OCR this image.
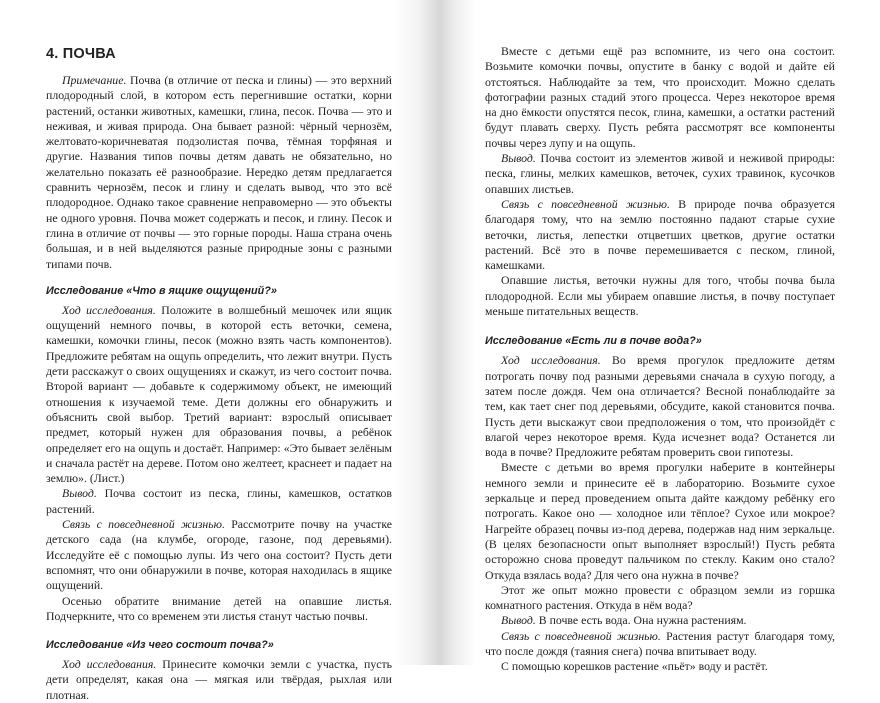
4. ПОЧВА

Примечание. Почва (в отличие от песка и глины) — это верхний плодородный слой, в котором есть перегнившие остатки, корни растений, останки животных, камешки, глина, песок. Почва — это и неживая, и живая природа. Она бывает разной: чёрный чернозём, желтовато-коричневатая подзолистая почва, тёмная торфяная и другие. Названия типов почвы детям давать не обязательно, но желательно показать её разнообразие. Нередко детям предлагается сравнить чернозём, песок и глину и сделать вывод, что это всё плодородное. Однако такое сравнение неправомерно — это объекты не одного уровня. Почва может содержать и песок, и глину. Песок и глина в отличие от почвы — это горные породы. Наша страна очень большая, и в ней выделяются разные природные зоны с разными типами почв.

Исследование «Что в ящике ощущений?»

Ход исследования. Положите в волшебный мешочек или ящик ощущений немного почвы, в которой есть веточки, семена, камешки, комочки глины, песок (можно взять часть компонентов). Предложите ребятам на ощупь определить, что лежит внутри. Пусть дети расскажут о своих ощущениях и скажут, из чего состоит почва. Второй вариант — добавьте к содержимому объект, не имеющий отношения к изучаемой теме. Дети должны его обнаружить и объяснить свой выбор. Третий вариант: взрослый описывает предмет, который нужен для образования почвы, а ребёнок определяет его на ощупь и достаёт. Например: «Это бывает зелёным и сначала растёт на дереве. Потом оно желтеет, краснеет и падает на землю». (Лист.)

Вывод. Почва состоит из песка, глины, камешков, остатков растений.

Связь с повседневной жизнью. Рассмотрите почву на участке детского сада (на клумбе, огороде, газоне, под деревьями). Исследуйте её с помощью лупы. Из чего она состоит? Пусть дети вспомнят, что они обнаружили в почве, которая находилась в ящике ощущений.

Осенью обратите внимание детей на опавшие листья. Подчеркните, что со временем эти листья станут частью почвы.

Исследование «Из чего состоит почва?»

Ход исследования. Принесите комочки земли с участка, пусть дети определят, какая она — мягкая или твёрдая, рыхлая или плотная.

Вместе с детьми ещё раз вспомните, из чего она состоит. Возьмите комочки почвы, опустите в банку с водой и дайте ей отстояться. Наблюдайте за тем, что происходит. Можно сделать фотографии разных стадий этого процесса. Через некоторое время на дно ёмкости опустятся песок, глина, камешки, а остатки растений будут плавать сверху. Пусть ребята рассмотрят все компоненты почвы через лупу и на ощупь.

Вывод. Почва состоит из элементов живой и неживой природы: песка, глины, мелких камешков, веточек, сухих травинок, кусочков опавших листьев.

Связь с повседневной жизнью. В природе почва образуется благодаря тому, что на землю постоянно падают старые сухие веточки, листья, лепестки отцветших цветков, другие остатки растений. Всё это в почве перемешивается с песком, глиной, камешками.

Опавшие листья, веточки нужны для того, чтобы почва была плодородной. Если мы убираем опавшие листья, в почву поступает меньше питательных веществ.

Исследование «Есть ли в почве вода?»

Ход исследования. Во время прогулок предложите детям потрогать почву под разными деревьями сначала в сухую погоду, а затем после дождя. Чем она отличается? Весной понаблюдайте за тем, как тает снег под деревьями, обсудите, какой становится почва. Пусть дети выскажут свои предположения о том, что произойдёт с влагой через некоторое время. Куда исчезнет вода? Останется ли вода в почве? Предложите ребятам проверить свои гипотезы.

Вместе с детьми во время прогулки наберите в контейнеры немного земли и принесите её в лабораторию. Возьмите сухое зеркальце и перед проведением опыта дайте каждому ребёнку его потрогать. Какое оно — холодное или тёплое? Сухое или мокрое? Нагрейте образец почвы из-под дерева, подержав над ним зеркальце. (В целях безопасности опыт выполняет взрослый!) Пусть ребята осторожно снова проведут пальчиком по стеклу. Каким оно стало? Откуда взялась вода? Для чего она нужна в почве?

Этот же опыт можно провести с образцом земли из горшка комнатного растения. Откуда в нём вода?

Вывод. В почве есть вода. Она нужна растениям.

Связь с повседневной жизнью. Растения растут благодаря тому, что после дождя (таяния снега) почва впитывает воду.

С помощью корешков растение «пьёт» воду и растёт.
